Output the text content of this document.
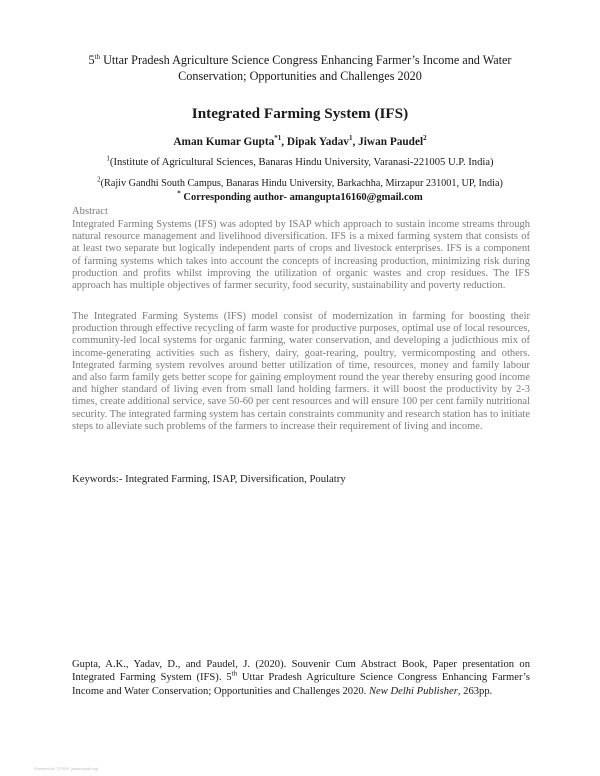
5th Uttar Pradesh Agriculture Science Congress Enhancing Farmer’s Income and Water
Conservation; Opportunities and Challenges 2020
Integrated Farming System (IFS)
Aman Kumar Gupta$^{*1}$, Dipak Yadav$^1$, Jiwan Paudel$^2$
$^1$(Institute of Agricultural Sciences, Banaras Hindu University, Varanasi-221005 U.P. India)
$^2$(Rajiv Gandhi South Campus, Banaras Hindu University, Barkachha, Mirzapur 231001, UP, India)
* Corresponding author- amangupta16160@gmail.com
Abstract
Integrated Farming Systems (IFS) was adopted by ISAP which approach to sustain income streams through natural resource management and livelihood diversification. IFS is a mixed farming system that consists of at least two separate but logically independent parts of crops and livestock enterprises. IFS is a component of farming systems which takes into account the concepts of increasing production, minimizing risk during production and profits whilst improving the utilization of organic wastes and crop residues. The IFS approach has multiple objectives of farmer security, food security, sustainability and poverty reduction.
The Integrated Farming Systems (IFS) model consist of modernization in farming for boosting their production through effective recycling of farm waste for productive purposes, optimal use of local resources, community-led local systems for organic farming, water conservation, and developing a judicthious mix of income-generating activities such as fishery, dairy, goat-rearing, poultry, vermicomposting and others. Integrated farming system revolves around better utilization of time, resources, money and family labour and also farm family gets better scope for gaining employment round the year thereby ensuring good income and higher standard of living even from small land holding farmers. it will boost the productivity by 2-3 times, create additional service, save 50-60 per cent resources and will ensure 100 per cent family nutritional security. The integrated farming system has certain constraints community and research station has to initiate steps to alleviate such problems of the farmers to increase their requirement of living and income.
Keywords:- Integrated Farming, ISAP, Diversification, Poulatry
Gupta, A.K., Yadav, D., and Paudel, J. (2020). Souvenir Cum Abstract Book, Paper presentation on Integrated Farming System (IFS). 5th Uttar Pradesh Agriculture Science Congress Enhancing Farmer’s Income and Water Conservation; Opportunities and Challenges 2020. New Delhi Publisher, 263pp.
Powered by TCPDF (www.tcpdf.org)
